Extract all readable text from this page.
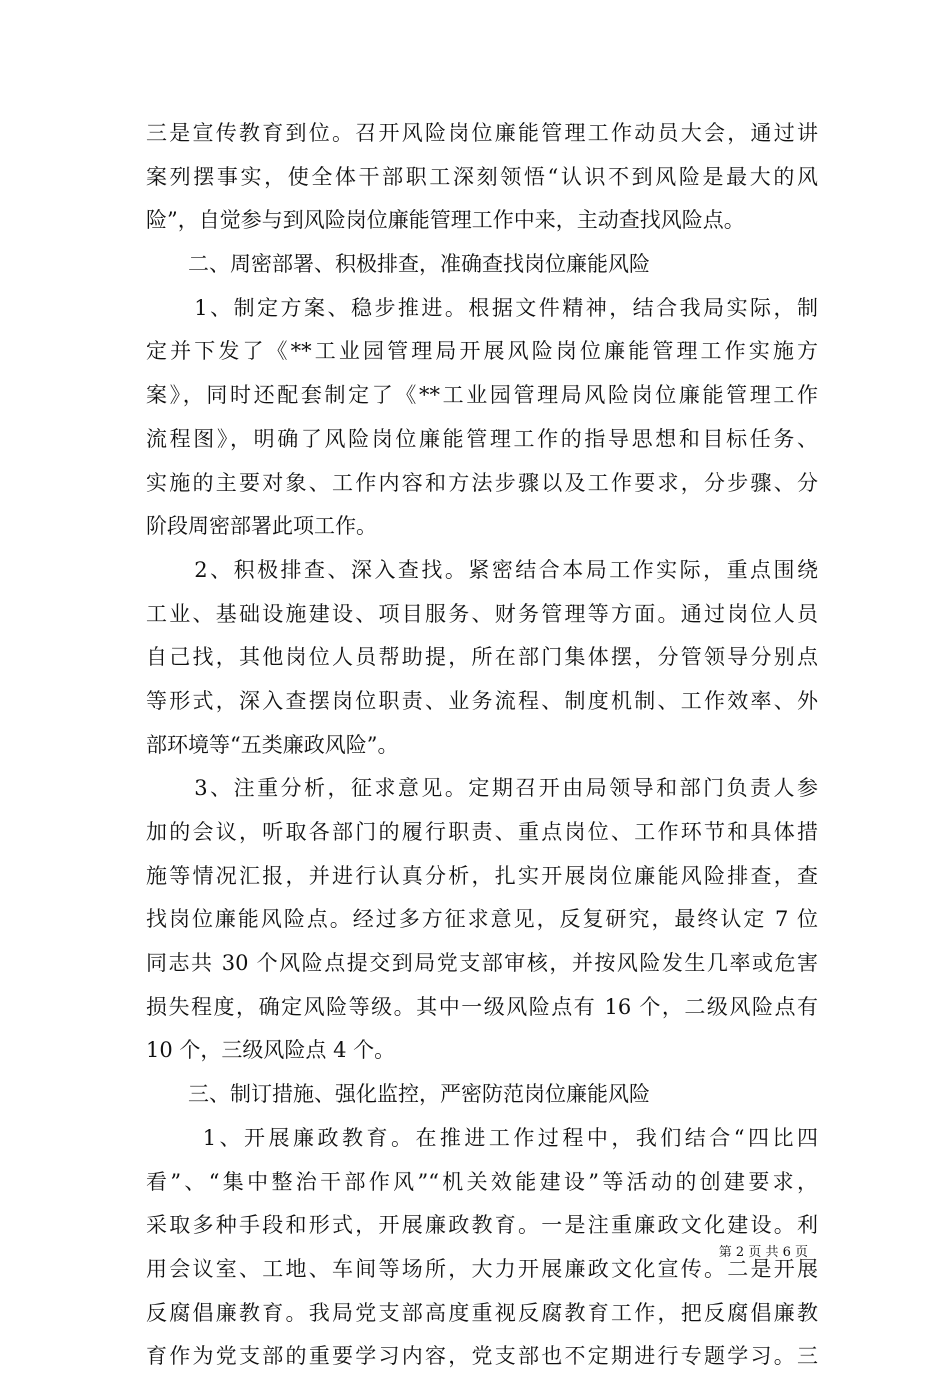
三是宣传教育到位。召开风险岗位廉能管理工作动员大会，通过讲
案列摆事实，使全体干部职工深刻领悟“认识不到风险是最大的风
险”，自觉参与到风险岗位廉能管理工作中来，主动查找风险点。
二、周密部署、积极排查，准确查找岗位廉能风险
1、制定方案、稳步推进。根据文件精神，结合我局实际，制
定并下发了《**工业园管理局开展风险岗位廉能管理工作实施方
案》，同时还配套制定了《**工业园管理局风险岗位廉能管理工作
流程图》，明确了风险岗位廉能管理工作的指导思想和目标任务、
实施的主要对象、工作内容和方法步骤以及工作要求，分步骤、分
阶段周密部署此项工作。
2、积极排查、深入查找。紧密结合本局工作实际，重点围绕
工业、基础设施建设、项目服务、财务管理等方面。通过岗位人员
自己找，其他岗位人员帮助提，所在部门集体摆，分管领导分别点
等形式，深入查摆岗位职责、业务流程、制度机制、工作效率、外
部环境等“五类廉政风险”。
3、注重分析，征求意见。定期召开由局领导和部门负责人参
加的会议，听取各部门的履行职责、重点岗位、工作环节和具体措
施等情况汇报，并进行认真分析，扎实开展岗位廉能风险排查，查
找岗位廉能风险点。经过多方征求意见，反复研究，最终认定 7 位
同志共 30 个风险点提交到局党支部审核，并按风险发生几率或危害
损失程度，确定风险等级。其中一级风险点有 16 个，二级风险点有
10 个，三级风险点 4 个。
三、制订措施、强化监控，严密防范岗位廉能风险
1、开展廉政教育。在推进工作过程中，我们结合“四比四
看”、“集中整治干部作风”“机关效能建设”等活动的创建要求，
采取多种手段和形式，开展廉政教育。一是注重廉政文化建设。利
用会议室、工地、车间等场所，大力开展廉政文化宣传。二是开展
反腐倡廉教育。我局党支部高度重视反腐教育工作，把反腐倡廉教
育作为党支部的重要学习内容，党支部也不定期进行专题学习。三
第 2 页 共 6 页
